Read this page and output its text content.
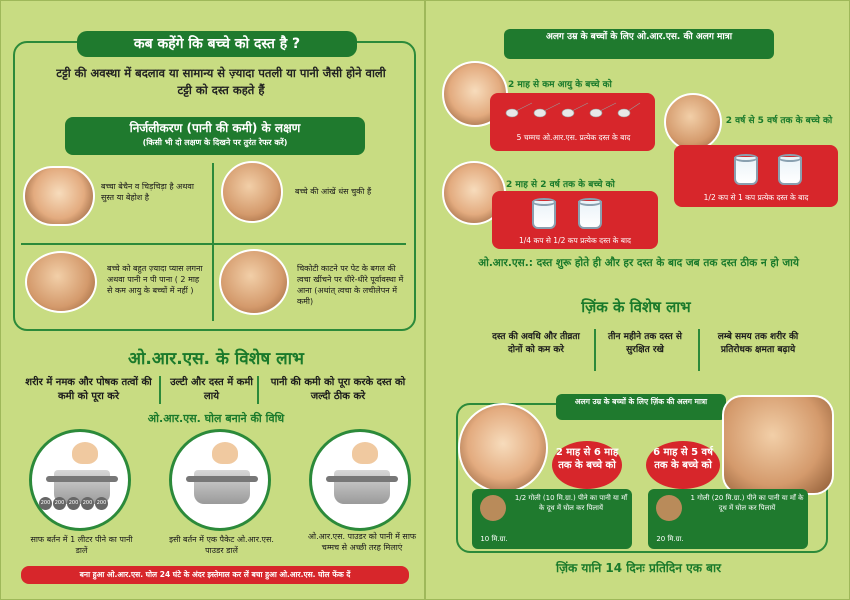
कब कहेंगे कि बच्चे को दस्त है ?
टट्टी की अवस्था में बदलाव या सामान्य से ज़्यादा पतली या पानी जैसी होने वाली टट्टी को दस्त कहते हैं
निर्जलीकरण (पानी की कमी) के लक्षण
(किसी भी दो लक्षण के दिखने पर तुरंत रेफर करें)
बच्चा बेचैन व चिड़चिड़ा है अथवा सुस्त या बेहोश है
बच्चे की आंखें धंस चुकी हैं
बच्चे को बहुत ज़्यादा प्यास लगना अथवा पानी न पी पाना ( 2 माह से कम आयु के बच्चों में नहीं )
चिकोटी काटने पर पेट के बगल की त्वचा खींचने पर धीरे-धीरे पूर्वावस्था में आना (अथांत् त्वचा के लचीलेपन में कमी)
ओ.आर.एस. के विशेष लाभ
शरीर में नमक और पोषक तत्वों की कमी को पूरा करे
उल्टी और दस्त में कमी लाये
पानी की कमी को पूरा करके दस्त को जल्दी ठीक करे
ओ.आर.एस. घोल बनाने की विधि
200 200 200 200 200
साफ बर्तन में 1 लीटर पीने का पानी डालें
इसी बर्तन में एक पैकेट ओ.आर.एस. पाउडर डालें
ओ.आर.एस. पाउडर को पानी में साफ चम्मच से अच्छी तरह मिलाएं
बना हुआ ओ.आर.एस. घोल 24 घंटे के अंदर इस्तेमाल कर लें बचा हुआ ओ.आर.एस. घोल फेंक दें
अलग उम्र के बच्चों के लिए ओ.आर.एस. की अलग मात्रा
2 माह से कम आयु के बच्चे को
5 चम्मच ओ.आर.एस. प्रत्येक दस्त के बाद
2 वर्ष से 5 वर्ष तक के बच्चे को
1/2 कप से 1 कप प्रत्येक दस्त के बाद
2 माह से 2 वर्ष तक के बच्चे को
1/4 कप से 1/2 कप प्रत्येक दस्त के बाद
ओ.आर.एस.: दस्त शुरू होते ही और हर दस्त के बाद जब तक दस्त ठीक न हो जाये
ज़िंक के विशेष लाभ
दस्त की अवधि और तीव्रता दोनों को कम करे
तीन महीने तक दस्त से सुरक्षित रखे
लम्बे समय तक शरीर की प्रतिरोधक क्षमता बढ़ाये
अलग उम्र के बच्चों के लिए ज़िंक की अलग मात्रा
2 माह से 6 माह तक के बच्चे को
1/2 गोली (10 मि.ग्रा.) पीने का पानी या माँ के दूध में घोल कर पिलायें
10 मि.ग्रा.
6 माह से 5 वर्ष तक के बच्चे को
1 गोली (20 मि.ग्रा.) पीने का पानी या माँ के दूध में घोल कर पिलायें
20 मि.ग्रा.
ज़िंक यानि 14 दिनः प्रतिदिन एक बार
